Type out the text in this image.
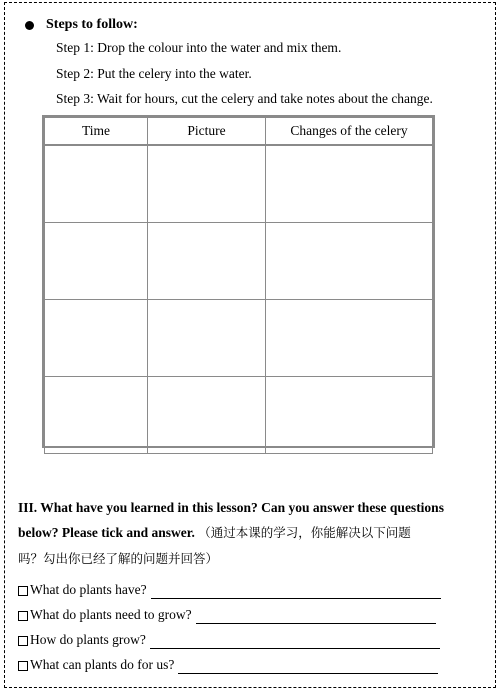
Steps to follow:
Step 1: Drop the colour into the water and mix them.
Step 2: Put the celery into the water.
Step 3: Wait for hours, cut the celery and take notes about the change.
Time	Picture	Changes of the celery

III. What have you learned in this lesson? Can you answer these questions
below? Please tick and answer. （通过本课的学习，你能解决以下问题
吗？勾出你已经了解的问题并回答）
What do plants have?
What do plants need to grow?
How do plants grow?
What can plants do for us?
